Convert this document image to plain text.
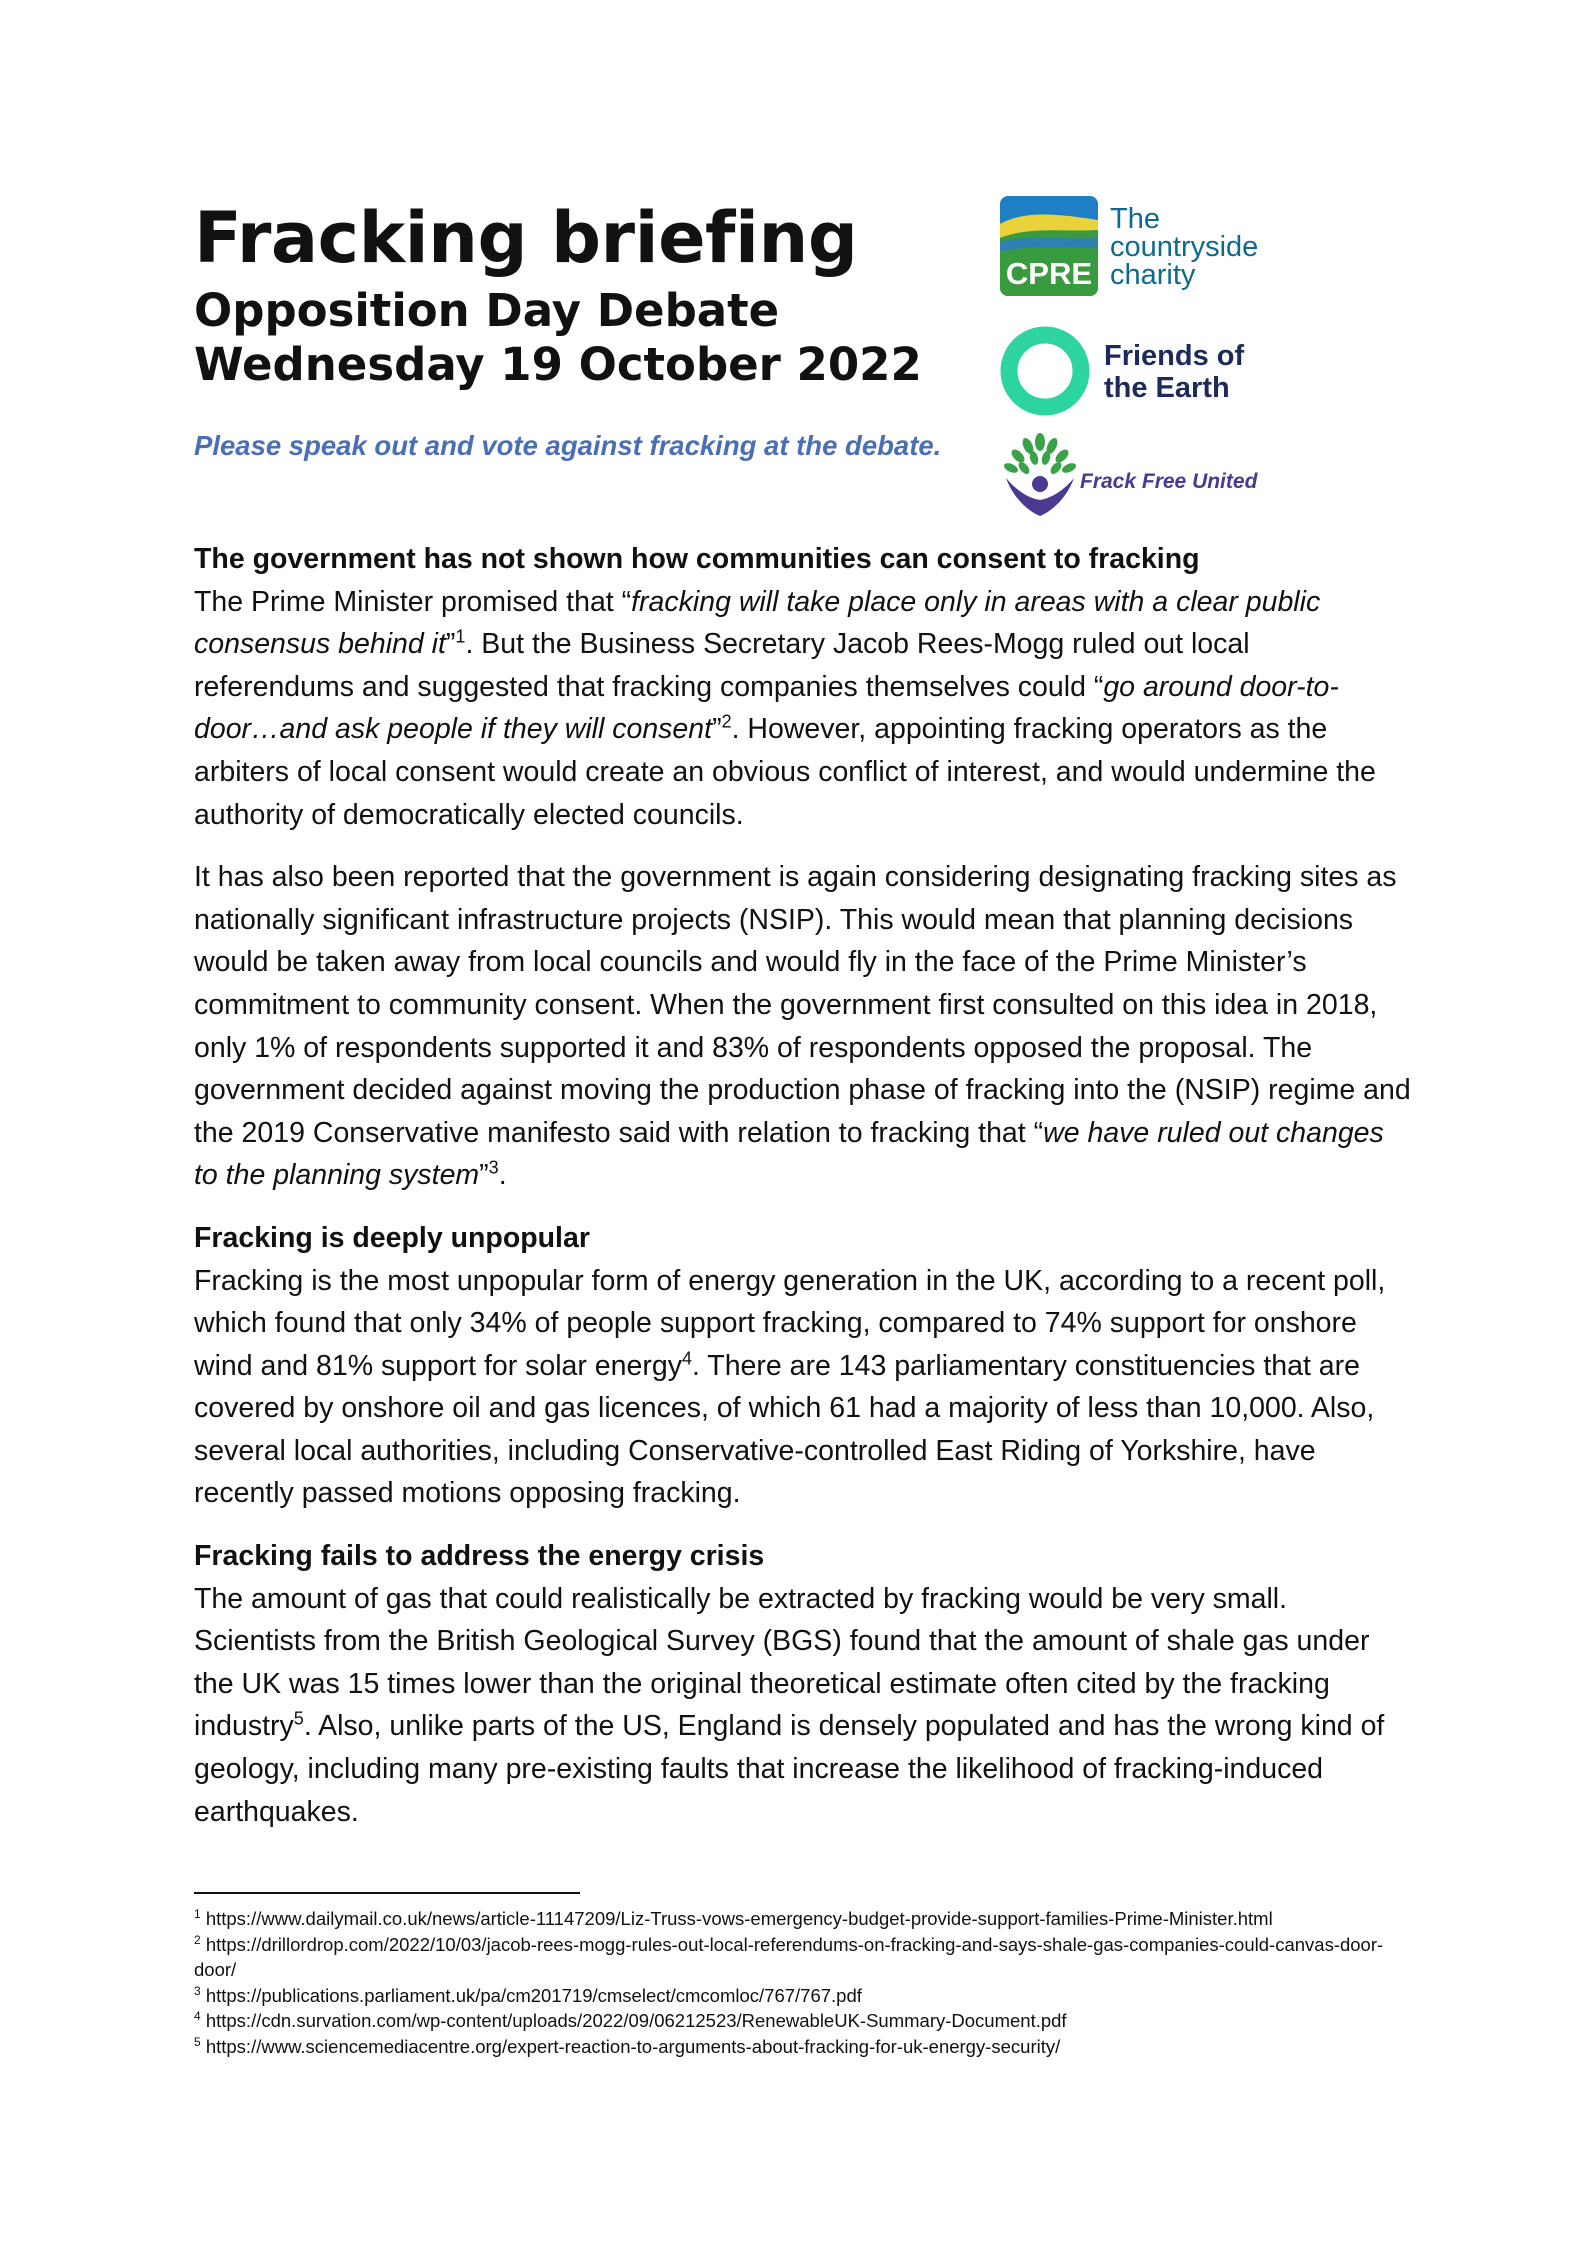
Fracking briefing
Opposition Day Debate
Wednesday 19 October 2022
Please speak out and vote against fracking at the debate.
CPRE
The
countryside
charity
Friends of
the Earth
Frack Free United
The government has not shown how communities can consent to fracking

The Prime Minister promised that “fracking will take place only in areas with a clear public consensus behind it”$^1$. But the Business Secretary Jacob Rees-Mogg ruled out local referendums and suggested that fracking companies themselves could “go around door-to-door…and ask people if they will consent”$^2$. However, appointing fracking operators as the arbiters of local consent would create an obvious conflict of interest, and would undermine the authority of democratically elected councils.

It has also been reported that the government is again considering designating fracking sites as nationally significant infrastructure projects (NSIP). This would mean that planning decisions would be taken away from local councils and would fly in the face of the Prime Minister’s commitment to community consent. When the government first consulted on this idea in 2018, only 1% of respondents supported it and 83% of respondents opposed the proposal. The government decided against moving the production phase of fracking into the (NSIP) regime and the 2019 Conservative manifesto said with relation to fracking that “we have ruled out changes to the planning system”$^3$.

Fracking is deeply unpopular

Fracking is the most unpopular form of energy generation in the UK, according to a recent poll, which found that only 34% of people support fracking, compared to 74% support for onshore wind and 81% support for solar energy$^4$. There are 143 parliamentary constituencies that are covered by onshore oil and gas licences, of which 61 had a majority of less than 10,000. Also, several local authorities, including Conservative-controlled East Riding of Yorkshire, have recently passed motions opposing fracking.

Fracking fails to address the energy crisis

The amount of gas that could realistically be extracted by fracking would be very small. Scientists from the British Geological Survey (BGS) found that the amount of shale gas under the UK was 15 times lower than the original theoretical estimate often cited by the fracking industry$^5$. Also, unlike parts of the US, England is densely populated and has the wrong kind of geology, including many pre-existing faults that increase the likelihood of fracking-induced earthquakes.

$^1$ https://www.dailymail.co.uk/news/article-11147209/Liz-Truss-vows-emergency-budget-provide-support-families-Prime-Minister.html

$^2$ https://drillordrop.com/2022/10/03/jacob-rees-mogg-rules-out-local-referendums-on-fracking-and-says-shale-gas-companies-could-canvas-door-door/

$^3$ https://publications.parliament.uk/pa/cm201719/cmselect/cmcomloc/767/767.pdf

$^4$ https://cdn.survation.com/wp-content/uploads/2022/09/06212523/RenewableUK-Summary-Document.pdf

$^5$ https://www.sciencemediacentre.org/expert-reaction-to-arguments-about-fracking-for-uk-energy-security/
